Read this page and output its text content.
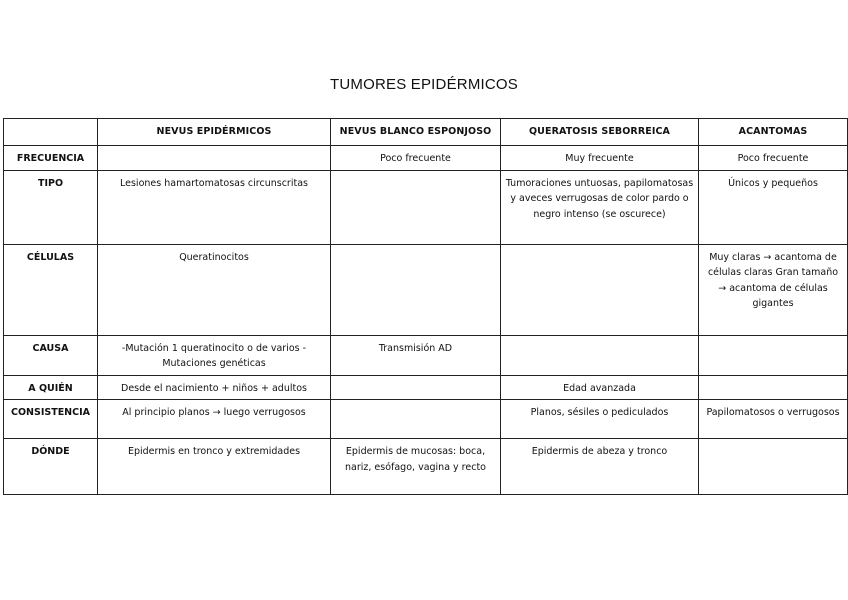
TUMORES EPIDÉRMICOS
	NEVUS EPIDÉRMICOS	NEVUS BLANCO ESPONJOSO	QUERATOSIS SEBORREICA	ACANTOMAS
FRECUENCIA		Poco frecuente	Muy frecuente	Poco frecuente
TIPO	Lesiones hamartomatosas circunscritas		Tumoraciones untuosas, papilomatosas y aveces verrugosas de color pardo o negro intenso (se oscurece)	Únicos y pequeños
CÉLULAS	Queratinocitos			Muy claras → acantoma de células claras Gran tamaño → acantoma de células gigantes
CAUSA	-Mutación 1 queratinocito o de varios -Mutaciones genéticas	Transmisión AD		
A QUIÉN	Desde el nacimiento + niños + adultos		Edad avanzada	
CONSISTENCIA	Al principio planos → luego verrugosos		Planos, sésiles o pediculados	Papilomatosos o verrugosos
DÓNDE	Epidermis en tronco y extremidades	Epidermis de mucosas: boca, nariz, esófago, vagina y recto	Epidermis de abeza y tronco	
